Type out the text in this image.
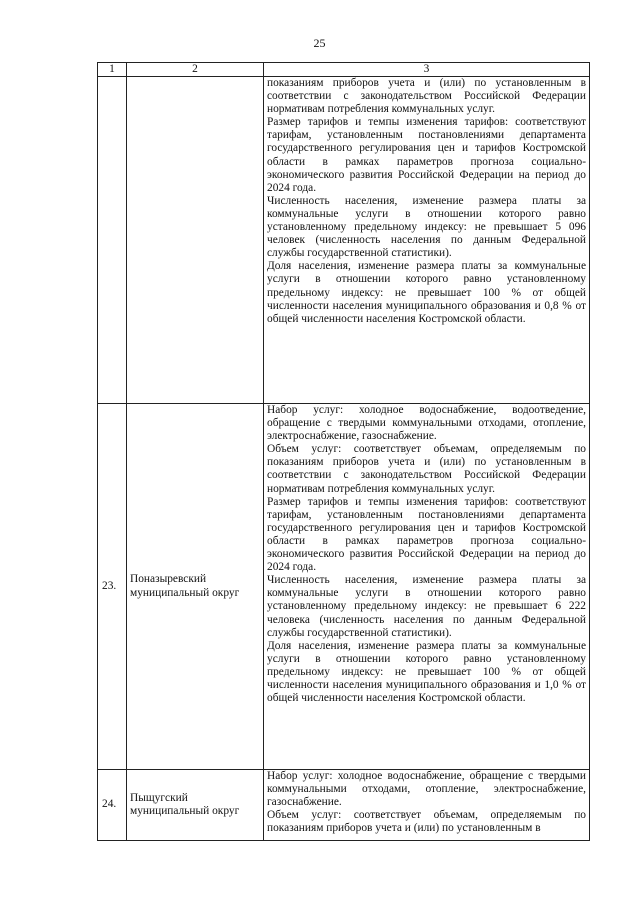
25
1	2	3

		показаниям приборов учета и (или) по установленным в соответствии с законодательством Российской Федерации нормативам потребления коммунальных услуг.

Размер тарифов и темпы изменения тарифов: соответствуют тарифам, установленным постановлениями департамента государственного регулирования цен и тарифов Костромской области в рамках параметров прогноза социально-экономического развития Российской Федерации на период до 2024 года.

Численность населения, изменение размера платы за коммунальные услуги в отношении которого равно установленному предельному индексу: не превышает 5 096 человек (численность населения по данным Федеральной службы государственной статистики).

Доля населения, изменение размера платы за коммунальные услуги в отношении которого равно установленному предельному индексу: не превышает 100 % от общей численности населения муниципального образования и 0,8 % от общей численности населения Костромской области.

23.	Поназыревский муниципальный округ	Набор услуг: холодное водоснабжение, водоотведение, обращение с твердыми коммунальными отходами, отопление, электроснабжение, газоснабжение.

Объем услуг: соответствует объемам, определяемым по показаниям приборов учета и (или) по установленным в соответствии с законодательством Российской Федерации нормативам потребления коммунальных услуг.

Размер тарифов и темпы изменения тарифов: соответствуют тарифам, установленным постановлениями департамента государственного регулирования цен и тарифов Костромской области в рамках параметров прогноза социально-экономического развития Российской Федерации на период до 2024 года.

Численность населения, изменение размера платы за коммунальные услуги в отношении которого равно установленному предельному индексу: не превышает 6 222 человека (численность населения по данным Федеральной службы государственной статистики).

Доля населения, изменение размера платы за коммунальные услуги в отношении которого равно установленному предельному индексу: не превышает 100 % от общей численности населения муниципального образования и 1,0 % от общей численности населения Костромской области.

24.	Пыщугский муниципальный округ	Набор услуг: холодное водоснабжение, обращение с твердыми коммунальными отходами, отопление, электроснабжение, газоснабжение.

Объем услуг: соответствует объемам, определяемым по показаниям приборов учета и (или) по установленным в
